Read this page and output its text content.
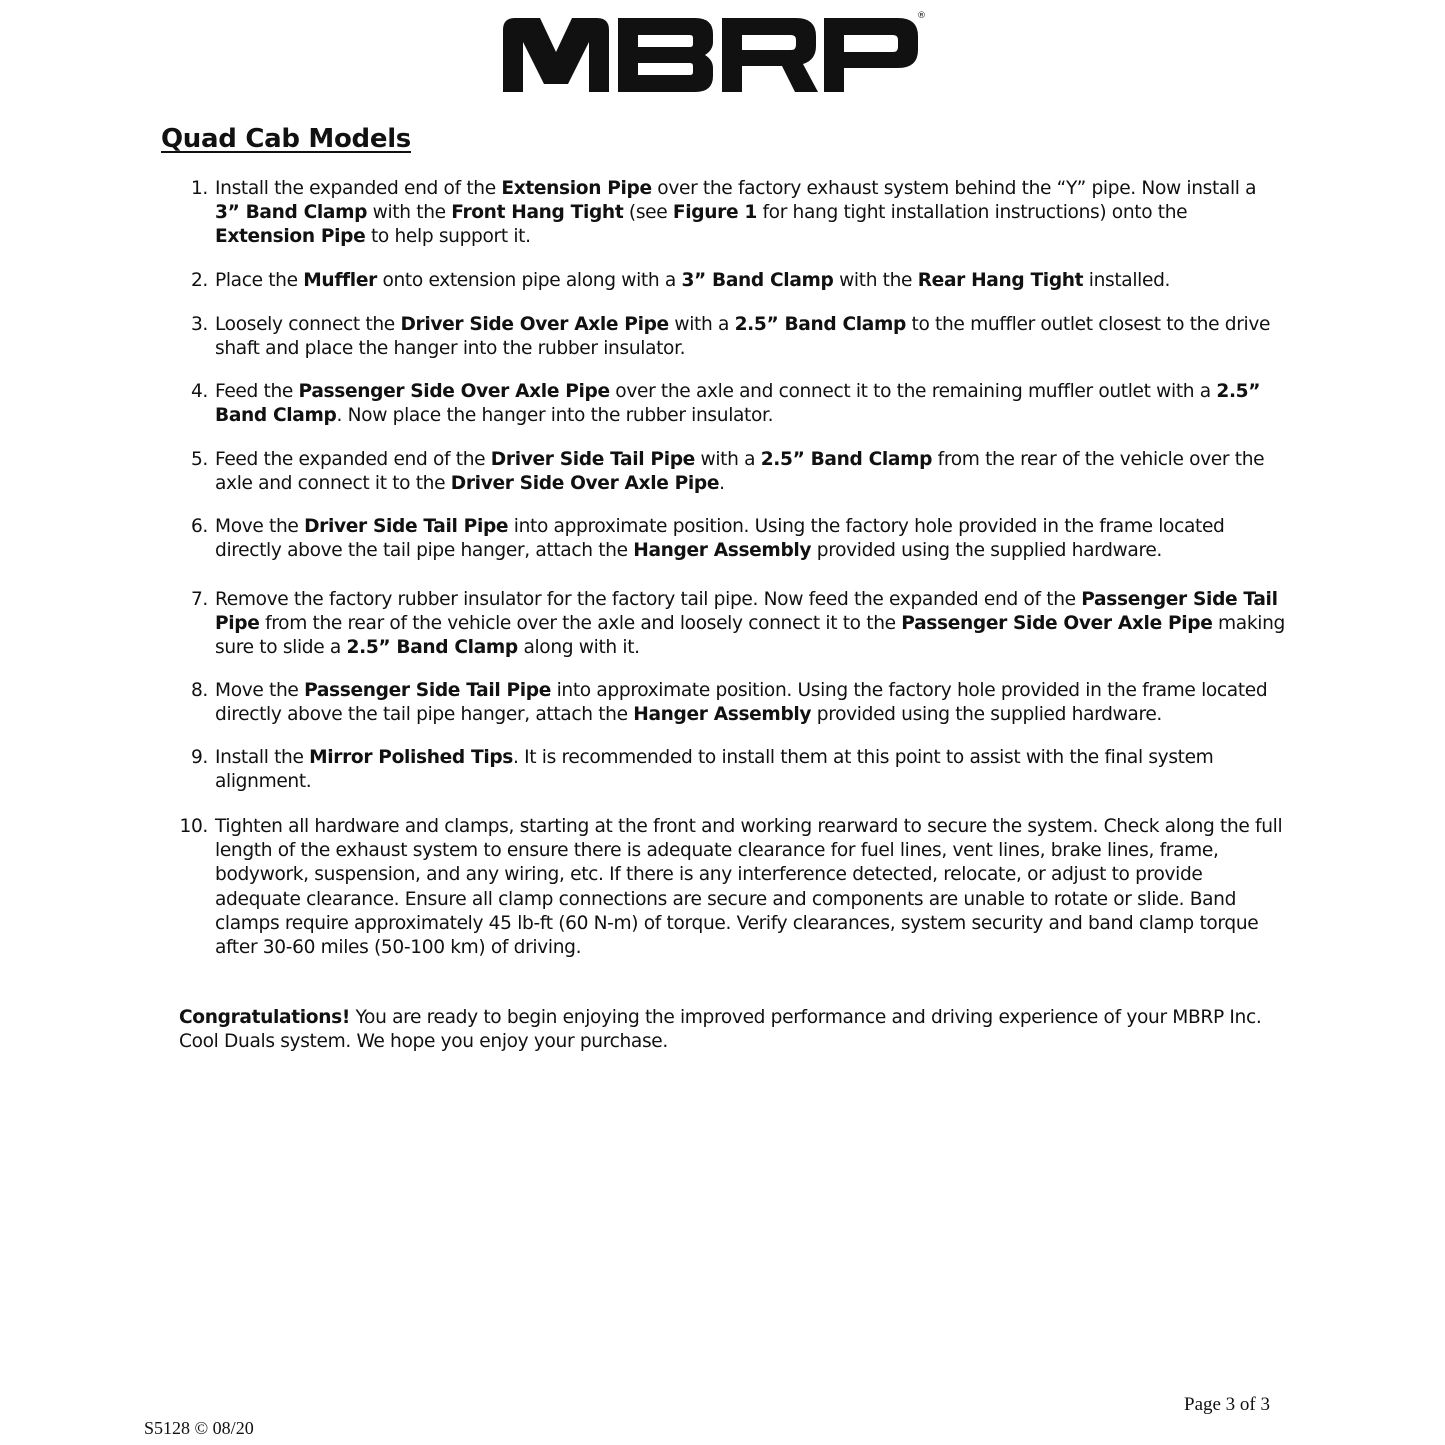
®
Quad Cab Models
1. Install the expanded end of the Extension Pipe over the factory exhaust system behind the “Y” pipe. Now install a
3” Band Clamp with the Front Hang Tight (see Figure 1 for hang tight installation instructions) onto the
Extension Pipe to help support it.
2. Place the Muffler onto extension pipe along with a 3” Band Clamp with the Rear Hang Tight installed.
3. Loosely connect the Driver Side Over Axle Pipe with a 2.5” Band Clamp to the muffler outlet closest to the drive
shaft and place the hanger into the rubber insulator.
4. Feed the Passenger Side Over Axle Pipe over the axle and connect it to the remaining muffler outlet with a 2.5”
Band Clamp. Now place the hanger into the rubber insulator.
5. Feed the expanded end of the Driver Side Tail Pipe with a 2.5” Band Clamp from the rear of the vehicle over the
axle and connect it to the Driver Side Over Axle Pipe.
6. Move the Driver Side Tail Pipe into approximate position. Using the factory hole provided in the frame located
directly above the tail pipe hanger, attach the Hanger Assembly provided using the supplied hardware.
7. Remove the factory rubber insulator for the factory tail pipe. Now feed the expanded end of the Passenger Side Tail
Pipe from the rear of the vehicle over the axle and loosely connect it to the Passenger Side Over Axle Pipe making
sure to slide a 2.5” Band Clamp along with it.
8. Move the Passenger Side Tail Pipe into approximate position. Using the factory hole provided in the frame located
directly above the tail pipe hanger, attach the Hanger Assembly provided using the supplied hardware.
9. Install the Mirror Polished Tips. It is recommended to install them at this point to assist with the final system
alignment.
10. Tighten all hardware and clamps, starting at the front and working rearward to secure the system. Check along the full
length of the exhaust system to ensure there is adequate clearance for fuel lines, vent lines, brake lines, frame,
bodywork, suspension, and any wiring, etc. If there is any interference detected, relocate, or adjust to provide
adequate clearance. Ensure all clamp connections are secure and components are unable to rotate or slide. Band
clamps require approximately 45 lb-ft (60 N-m) of torque. Verify clearances, system security and band clamp torque
after 30-60 miles (50-100 km) of driving.
Congratulations! You are ready to begin enjoying the improved performance and driving experience of your MBRP Inc.
Cool Duals system. We hope you enjoy your purchase.
Page 3 of 3
S5128 © 08/20
